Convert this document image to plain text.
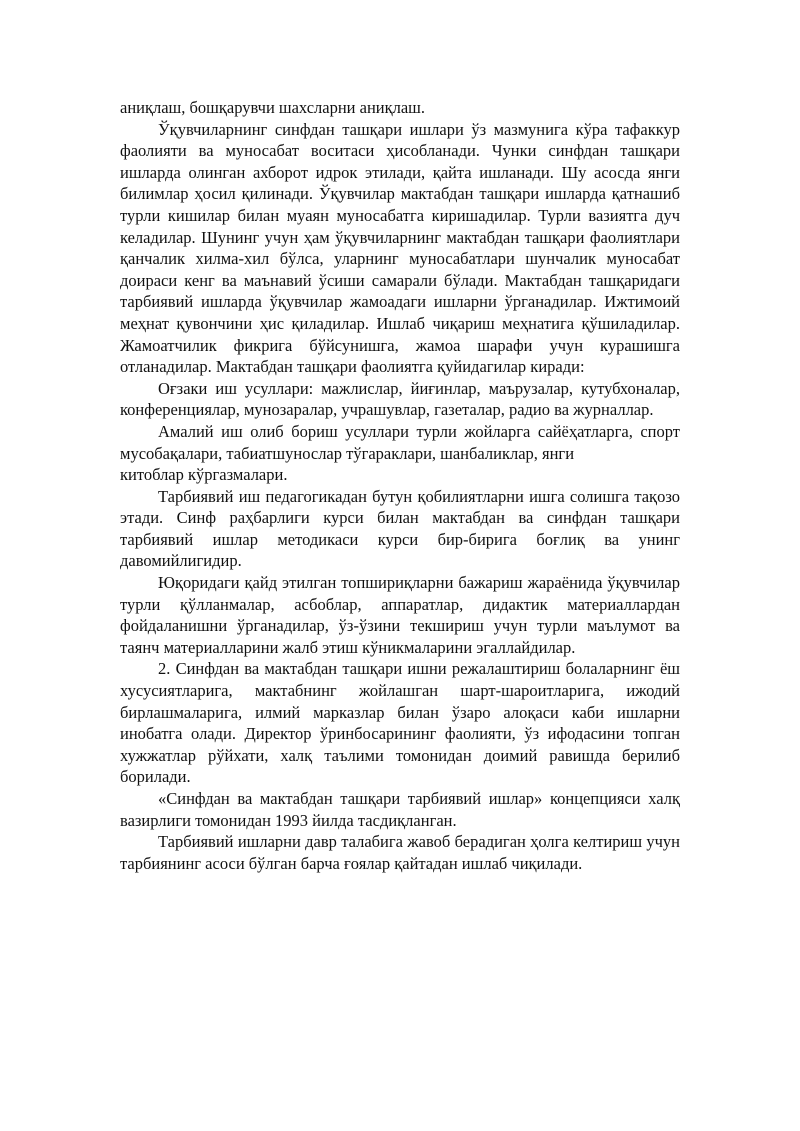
аниқлаш, бошқарувчи шахсларни аниқлаш.

Ўқувчиларнинг синфдан ташқари ишлари ўз мазмунига кўра тафаккур фаолияти ва муносабат воситаси ҳисобланади. Чунки синфдан ташқари ишларда олинган ахборот идрок этилади, қайта ишланади. Шу асосда янги билимлар ҳосил қилинади. Ўқувчилар мактабдан ташқари ишларда қатнашиб турли кишилар билан муаян муносабатга киришадилар. Турли вазиятга дуч келадилар. Шунинг учун ҳам ўқувчиларнинг мактабдан ташқари фаолиятлари қанчалик хилма-хил бўлса, уларнинг муносабатлари шунчалик муносабат доираси кенг ва маънавий ўсиши самарали бўлади. Мактабдан ташқаридаги тарбиявий ишларда ўқувчилар жамоадаги ишларни ўрганадилар. Ижтимоий меҳнат қувончини ҳис қиладилар. Ишлаб чиқариш меҳнатига қўшиладилар. Жамоатчилик фикрига бўйсунишга, жамоа шарафи учун курашишга отланадилар. Мактабдан ташқари фаолиятга қуйидагилар киради:

Оғзаки иш усуллари: мажлислар, йиғинлар, маърузалар, кутубхоналар, конференциялар, мунозаралар, учрашувлар, газеталар, радио ва журналлар.

Амалий иш олиб бориш усуллари турли жойларга сайёҳатларга, спорт мусобақалари, табиатшунослар тўгараклари, шанбаликлар, янги

китоблар кўргазмалари.

Тарбиявий иш педагогикадан бутун қобилиятларни ишга солишга тақозо этади. Синф раҳбарлиги курси билан мактабдан ва синфдан ташқари тарбиявий ишлар методикаси курси бир-бирига боғлиқ ва унинг давомийлигидир.

Юқоридаги қайд этилган топшириқларни бажариш жараёнида ўқувчилар турли қўлланмалар, асбоблар, аппаратлар, дидактик материаллардан фойдаланишни ўрганадилар, ўз-ўзини текшириш учун турли маълумот ва таянч материалларини жалб этиш кўникмаларини эгаллайдилар.

2. Синфдан ва мактабдан ташқари ишни режалаштириш болаларнинг ёш хусусиятларига, мактабнинг жойлашган шарт-шароитларига, ижодий бирлашмаларига, илмий марказлар билан ўзаро алоқаси каби ишларни инобатга олади. Директор ўринбосарининг фаолияти, ўз ифодасини топган хужжатлар рўйхати, халқ таълими томонидан доимий равишда берилиб борилади.

«Синфдан ва мактабдан ташқари тарбиявий ишлар» концепцияси халқ вазирлиги томонидан 1993 йилда тасдиқланган.

Тарбиявий ишларни давр талабига жавоб берадиган ҳолга келтириш учун тарбиянинг асоси бўлган барча ғоялар қайтадан ишлаб чиқилади.
